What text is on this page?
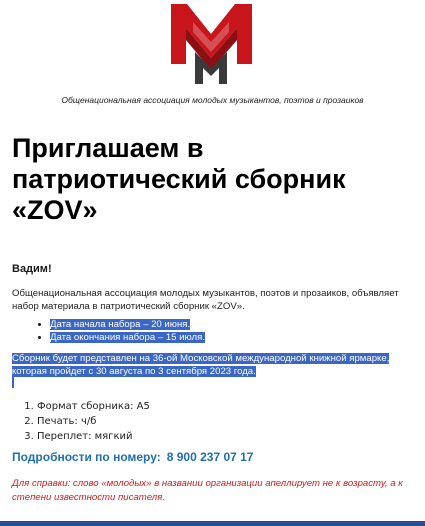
Общенациональная ассоциация молодых музыкантов, поэтов и прозаиков
Приглашаем в патриотический сборник «ZOV»
Вадим!
Общенациональная ассоциация молодых музыкантов, поэтов и прозаиков, объявляет набор материала в патриотический сборник «ZOV».
• Дата начала набора – 20 июня.
• Дата окончания набора – 15 июля.
Сборник будет представлен на 36-ой Московской международной книжной ярмарке, которая пройдет с 30 августа по 3 сентября 2023 года.
1. Формат сборника: А5
2. Печать: ч/б
3. Переплет: мягкий
Подробности по номеру: 8 900 237 07 17
Для справки: слово «молодых» в названии организации апеллирует не к возрасту, а к степени известности писателя.
